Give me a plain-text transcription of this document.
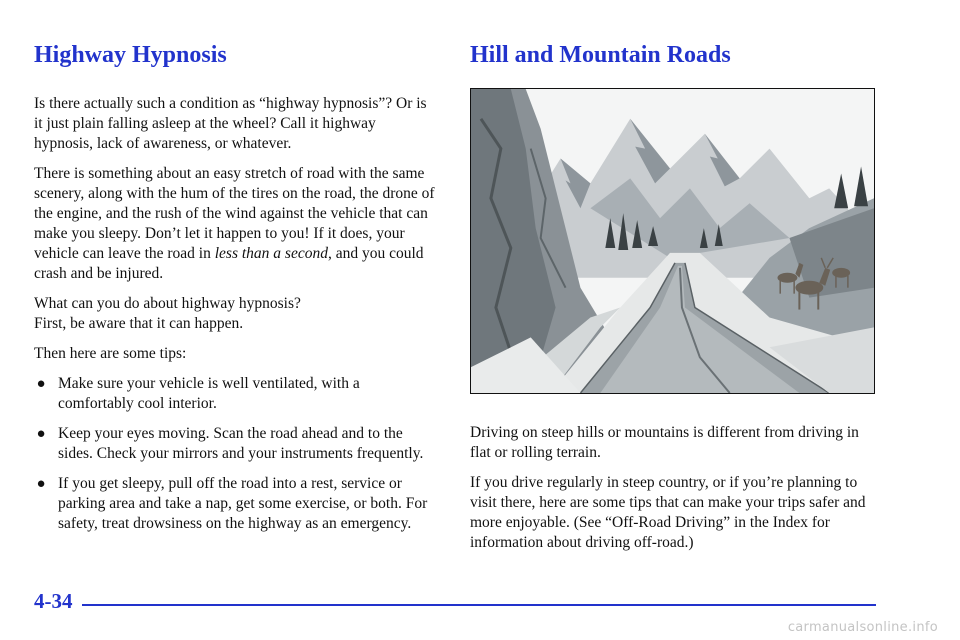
Highway Hypnosis

Is there actually such a condition as “highway hypnosis”? Or is it just plain falling asleep at the wheel? Call it highway hypnosis, lack of awareness, or whatever.

There is something about an easy stretch of road with the same scenery, along with the hum of the tires on the road, the drone of the engine, and the rush of the wind against the vehicle that can make you sleepy. Don’t let it happen to you! If it does, your vehicle can leave the road in less than a second, and you could crash and be injured.

What can you do about highway hypnosis?
First, be aware that it can happen.

Then here are some tips:

● Make sure your vehicle is well ventilated, with a comfortably cool interior.
● Keep your eyes moving. Scan the road ahead and to the sides. Check your mirrors and your instruments frequently.
● If you get sleepy, pull off the road into a rest, service or parking area and take a nap, get some exercise, or both. For safety, treat drowsiness on the highway as an emergency.
Hill and Mountain Roads

Driving on steep hills or mountains is different from driving in flat or rolling terrain.

If you drive regularly in steep country, or if you’re planning to visit there, here are some tips that can make your trips safer and more enjoyable. (See “Off-Road Driving” in the Index for information about driving off-road.)

4-34
carmanualsonline.info
